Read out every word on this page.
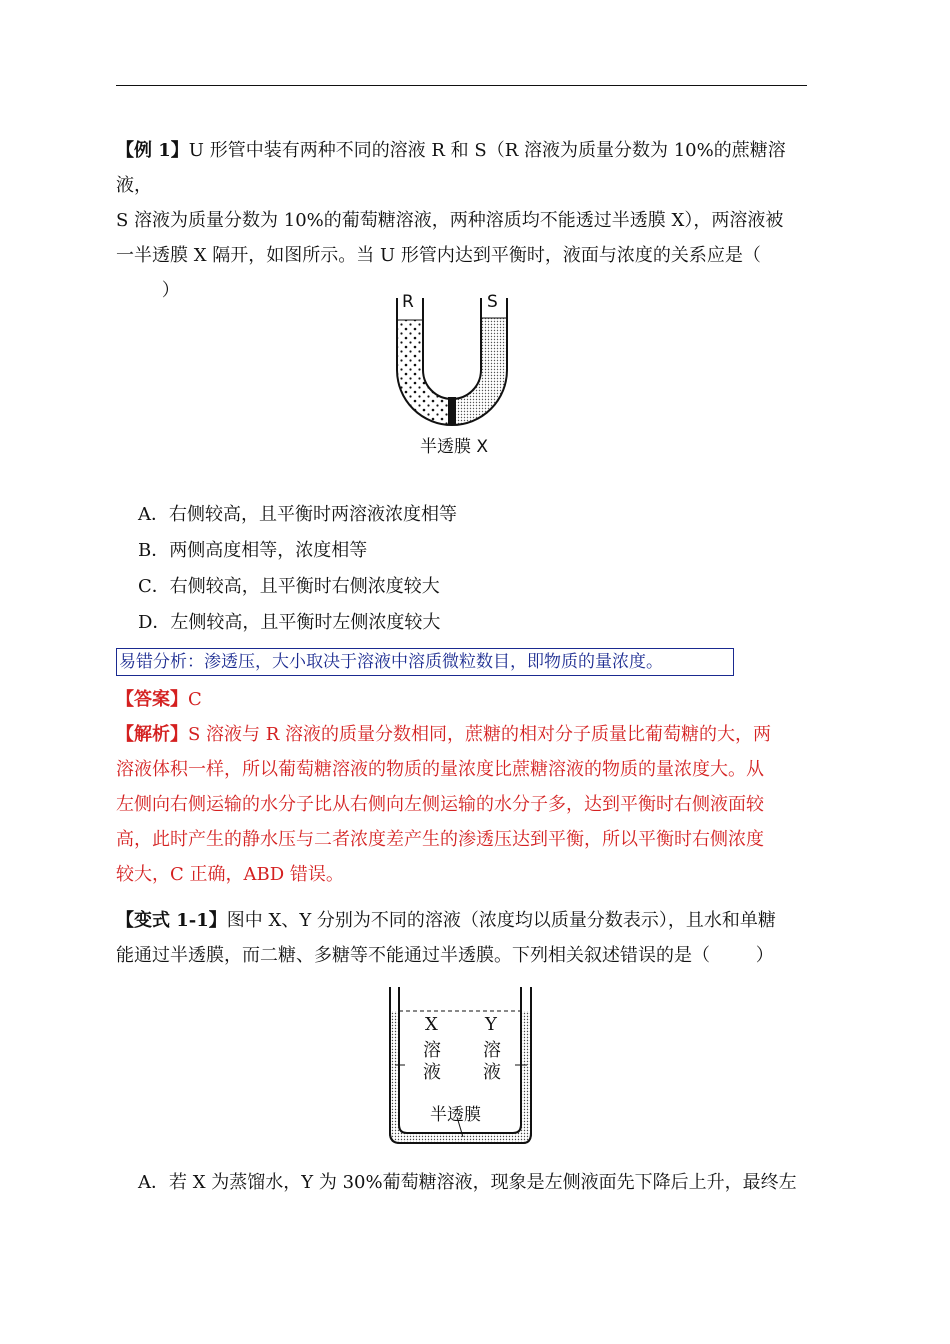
【例 1】U 形管中装有两种不同的溶液 R 和 S（R 溶液为质量分数为 10%的蔗糖溶液，
S 溶液为质量分数为 10%的葡萄糖溶液，两种溶质均不能透过半透膜 X），两溶液被
一半透膜 X 隔开，如图所示。当 U 形管内达到平衡时，液面与浓度的关系应是（
）
R	S
半透膜 X
A．右侧较高，且平衡时两溶液浓度相等
B．两侧高度相等，浓度相等
C．右侧较高，且平衡时右侧浓度较大
D．左侧较高，且平衡时左侧浓度较大
易错分析：渗透压，大小取决于溶液中溶质微粒数目，即物质的量浓度。
【答案】C
【解析】S 溶液与 R 溶液的质量分数相同，蔗糖的相对分子质量比葡萄糖的大，两
溶液体积一样，所以葡萄糖溶液的物质的量浓度比蔗糖溶液的物质的量浓度大。从
左侧向右侧运输的水分子比从右侧向左侧运输的水分子多，达到平衡时右侧液面较
高，此时产生的静水压与二者浓度差产生的渗透压达到平衡，所以平衡时右侧浓度
较大，C 正确，ABD 错误。
【变式 1-1】图中 X、Y 分别为不同的溶液（浓度均以质量分数表示），且水和单糖
能通过半透膜，而二糖、多糖等不能通过半透膜。下列相关叙述错误的是（        ）
X
溶
液
Y
溶
液
半透膜
A．若 X 为蒸馏水，Y 为 30%葡萄糖溶液，现象是左侧液面先下降后上升，最终左
